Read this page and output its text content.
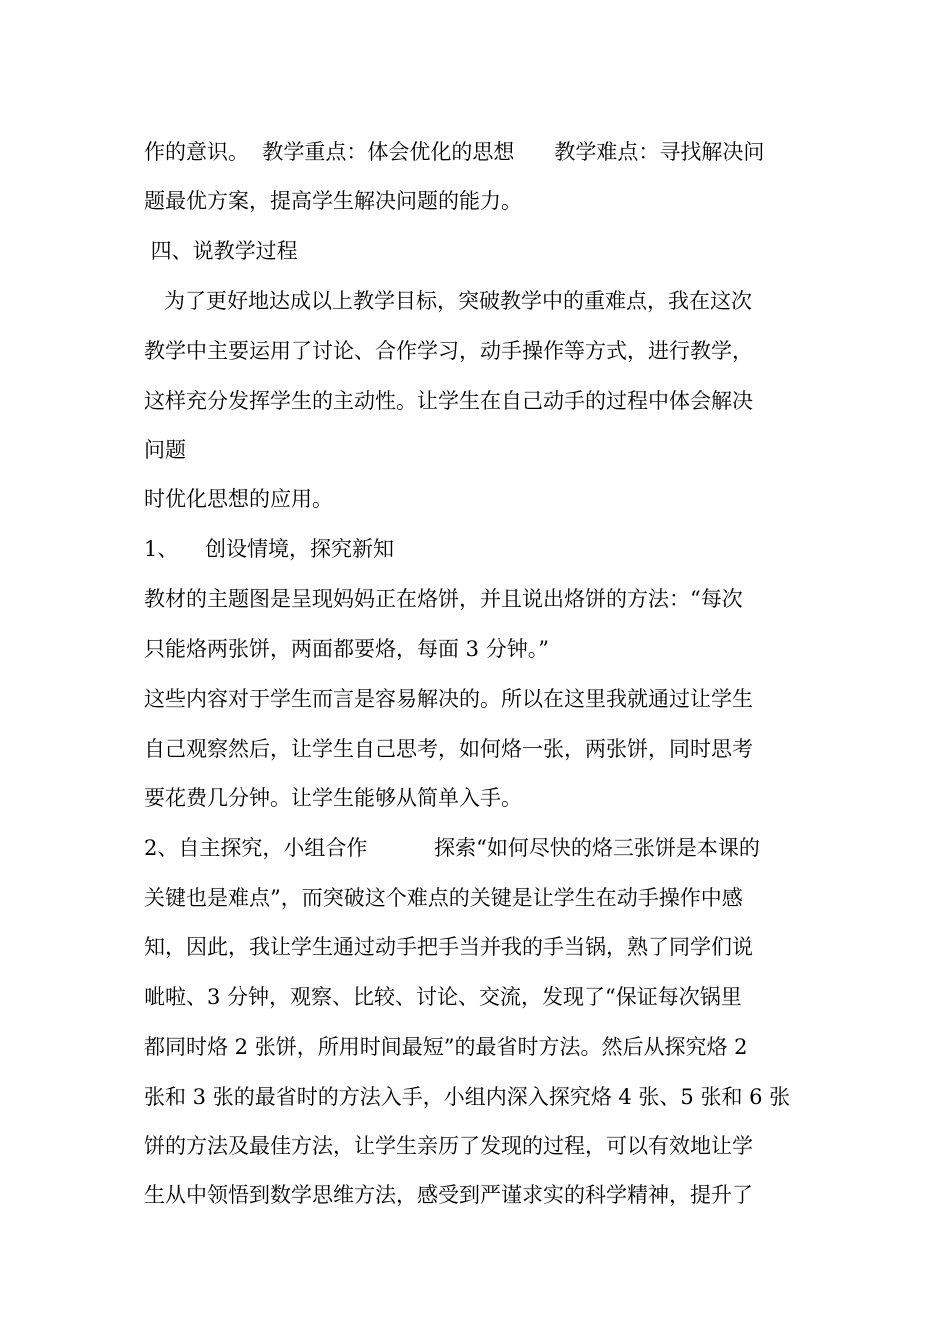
作的意识。  教学重点：体会优化的思想      教学难点：寻找解决问
题最优方案，提高学生解决问题的能力。
四、说教学过程
为了更好地达成以上教学目标，突破教学中的重难点，我在这次
教学中主要运用了讨论、合作学习，动手操作等方式，进行教学，
这样充分发挥学生的主动性。让学生在自己动手的过程中体会解决
问题
时优化思想的应用。
1、    创设情境，探究新知
教材的主题图是呈现妈妈正在烙饼，并且说出烙饼的方法：“每次
只能烙两张饼，两面都要烙，每面 3 分钟。”
这些内容对于学生而言是容易解决的。所以在这里我就通过让学生
自己观察然后，让学生自己思考，如何烙一张，两张饼，同时思考
要花费几分钟。让学生能够从简单入手。
2、自主探究，小组合作          探索“如何尽快的烙三张饼是本课的
关键也是难点”，而突破这个难点的关键是让学生在动手操作中感
知，因此，我让学生通过动手把手当并我的手当锅，熟了同学们说
呲啦、3 分钟，观察、比较、讨论、交流，发现了“保证每次锅里
都同时烙 2 张饼，所用时间最短”的最省时方法。然后从探究烙 2
张和 3 张的最省时的方法入手，小组内深入探究烙 4 张、5 张和 6 张
饼的方法及最佳方法，让学生亲历了发现的过程，可以有效地让学
生从中领悟到数学思维方法，感受到严谨求实的科学精神，提升了
